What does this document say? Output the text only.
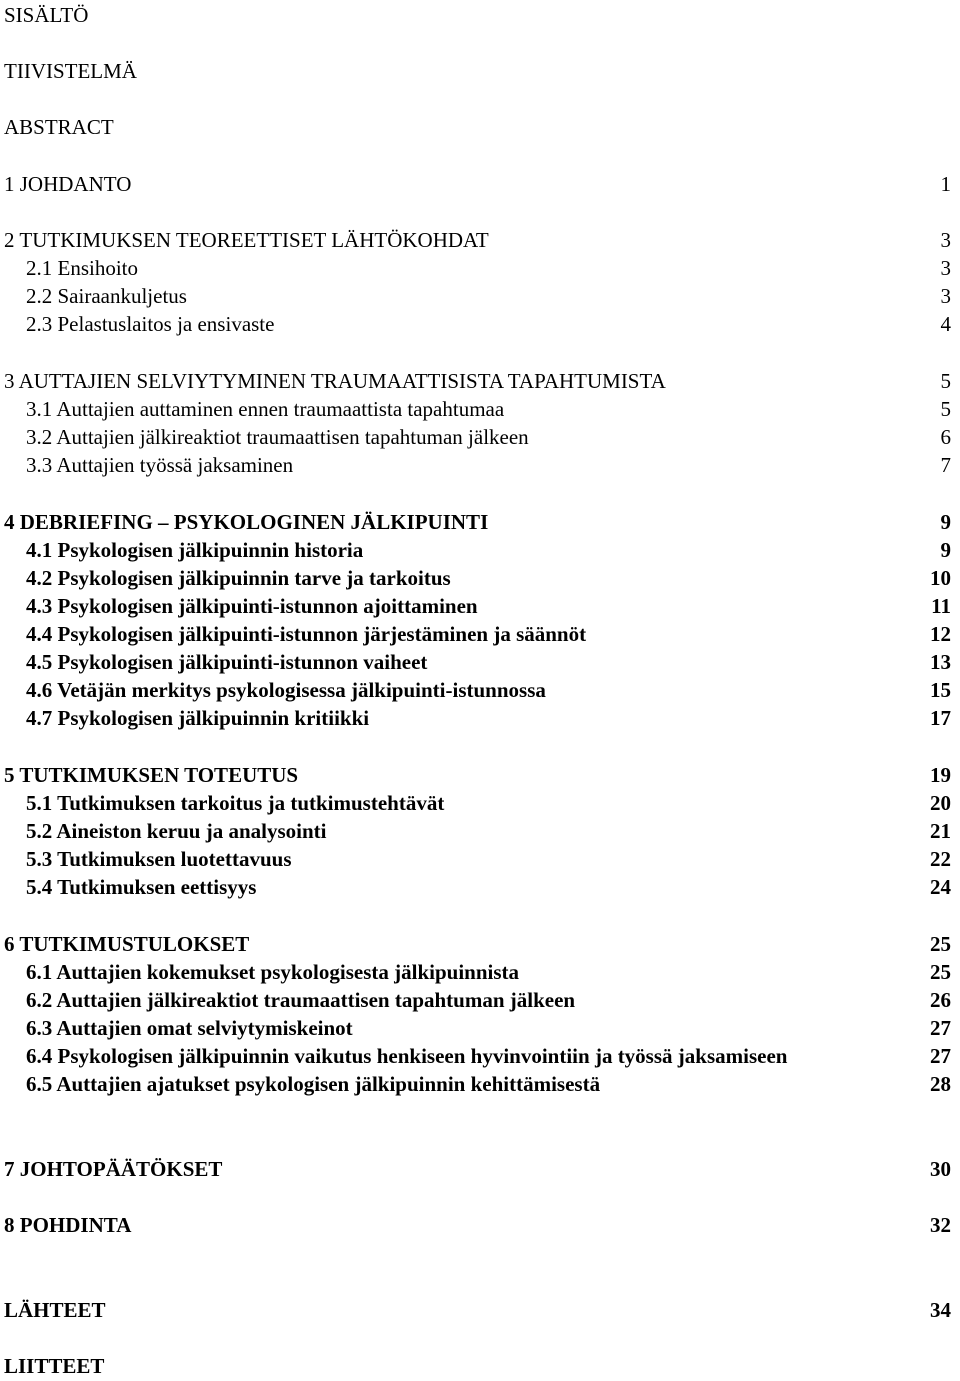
SISÄLTÖ
TIIVISTELMÄ
ABSTRACT
1 JOHDANTO	1
2 TUTKIMUKSEN TEOREETTISET LÄHTÖKOHDAT	3
2.1 Ensihoito	3
2.2 Sairaankuljetus	3
2.3 Pelastuslaitos ja ensivaste	4
3 AUTTAJIEN SELVIYTYMINEN TRAUMAATTISISTA TAPAHTUMISTA	5
3.1 Auttajien auttaminen ennen traumaattista tapahtumaa	5
3.2 Auttajien jälkireaktiot traumaattisen tapahtuman jälkeen	6
3.3 Auttajien työssä jaksaminen	7
4 DEBRIEFING – PSYKOLOGINEN JÄLKIPUINTI	9
4.1 Psykologisen jälkipuinnin historia	9
4.2 Psykologisen jälkipuinnin tarve ja tarkoitus	10
4.3 Psykologisen jälkipuinti-istunnon ajoittaminen	11
4.4 Psykologisen jälkipuinti-istunnon järjestäminen ja säännöt	12
4.5 Psykologisen jälkipuinti-istunnon vaiheet	13
4.6 Vetäjän merkitys psykologisessa jälkipuinti-istunnossa	15
4.7 Psykologisen jälkipuinnin kritiikki	17
5 TUTKIMUKSEN TOTEUTUS	19
5.1 Tutkimuksen tarkoitus ja tutkimustehtävät	20
5.2 Aineiston keruu ja analysointi	21
5.3 Tutkimuksen luotettavuus	22
5.4 Tutkimuksen eettisyys	24
6 TUTKIMUSTULOKSET	25
6.1 Auttajien kokemukset psykologisesta jälkipuinnista	25
6.2 Auttajien jälkireaktiot traumaattisen tapahtuman jälkeen	26
6.3 Auttajien omat selviytymiskeinot	27
6.4 Psykologisen jälkipuinnin vaikutus henkiseen hyvinvointiin ja työssä jaksamiseen	27
6.5 Auttajien ajatukset psykologisen jälkipuinnin kehittämisestä	28
7 JOHTOPÄÄTÖKSET	30
8 POHDINTA	32
LÄHTEET	34
LIITTEET
